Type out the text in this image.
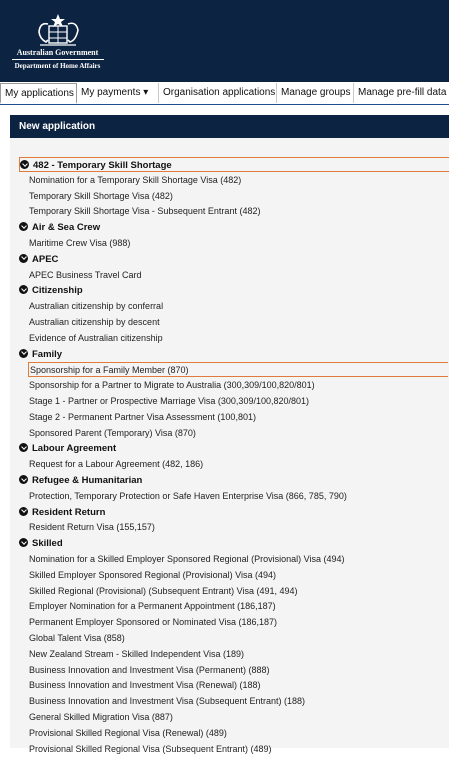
Australian Government
Department of Home Affairs
My applications My payments ▾	Organisation applications Manage groups Manage pre-fill data
New application
482 - Temporary Skill Shortage
Nomination for a Temporary Skill Shortage Visa (482)
Temporary Skill Shortage Visa (482)
Temporary Skill Shortage Visa - Subsequent Entrant (482)
Air & Sea Crew
Maritime Crew Visa (988)
APEC
APEC Business Travel Card
Citizenship
Australian citizenship by conferral
Australian citizenship by descent
Evidence of Australian citizenship
Family
Sponsorship for a Family Member (870)
Sponsorship for a Partner to Migrate to Australia (300,309/100,820/801)
Stage 1 - Partner or Prospective Marriage Visa (300,309/100,820/801)
Stage 2 - Permanent Partner Visa Assessment (100,801)
Sponsored Parent (Temporary) Visa (870)
Labour Agreement
Request for a Labour Agreement (482, 186)
Refugee & Humanitarian
Protection, Temporary Protection or Safe Haven Enterprise Visa (866, 785, 790)
Resident Return
Resident Return Visa (155,157)
Skilled
Nomination for a Skilled Employer Sponsored Regional (Provisional) Visa (494)
Skilled Employer Sponsored Regional (Provisional) Visa (494)
Skilled Regional (Provisional) (Subsequent Entrant) Visa (491, 494)
Employer Nomination for a Permanent Appointment (186,187)
Permanent Employer Sponsored or Nominated Visa (186,187)
Global Talent Visa (858)
New Zealand Stream - Skilled Independent Visa (189)
Business Innovation and Investment Visa (Permanent) (888)
Business Innovation and Investment Visa (Renewal) (188)
Business Innovation and Investment Visa (Subsequent Entrant) (188)
General Skilled Migration Visa (887)
Provisional Skilled Regional Visa (Renewal) (489)
Provisional Skilled Regional Visa (Subsequent Entrant) (489)
